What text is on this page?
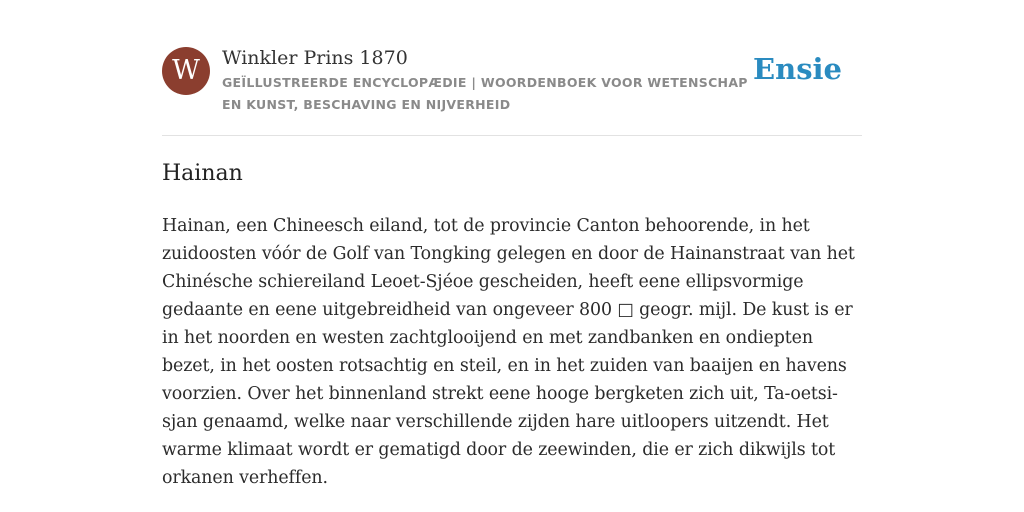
W	Winkler Prins 1870
GEÏLLUSTREERDE ENCYCLOPÆDIE | WOORDENBOEK VOOR WETENSCHAP EN KUNST, BESCHAVING EN NIJVERHEID
Ensie
Hainan

Hainan, een Chineesch eiland, tot de provincie Canton behoorende, in het zuidoosten vóór de Golf van Tongking gelegen en door de Hainanstraat van het Chinésche schiereiland Leoet-Sjéoe gescheiden, heeft eene ellipsvormige gedaante en eene uitgebreidheid van ongeveer 800 □ geogr. mijl. De kust is er in het noorden en westen zachtglooijend en met zandbanken en ondiepten bezet, in het oosten rotsachtig en steil, en in het zuiden van baaijen en havens voorzien. Over het binnenland strekt eene hooge bergketen zich uit, Ta-oetsi-sjan genaamd, welke naar verschillende zijden hare uitloopers uitzendt. Het warme klimaat wordt er gematigd door de zeewinden, die er zich dikwijls tot orkanen verheffen.
